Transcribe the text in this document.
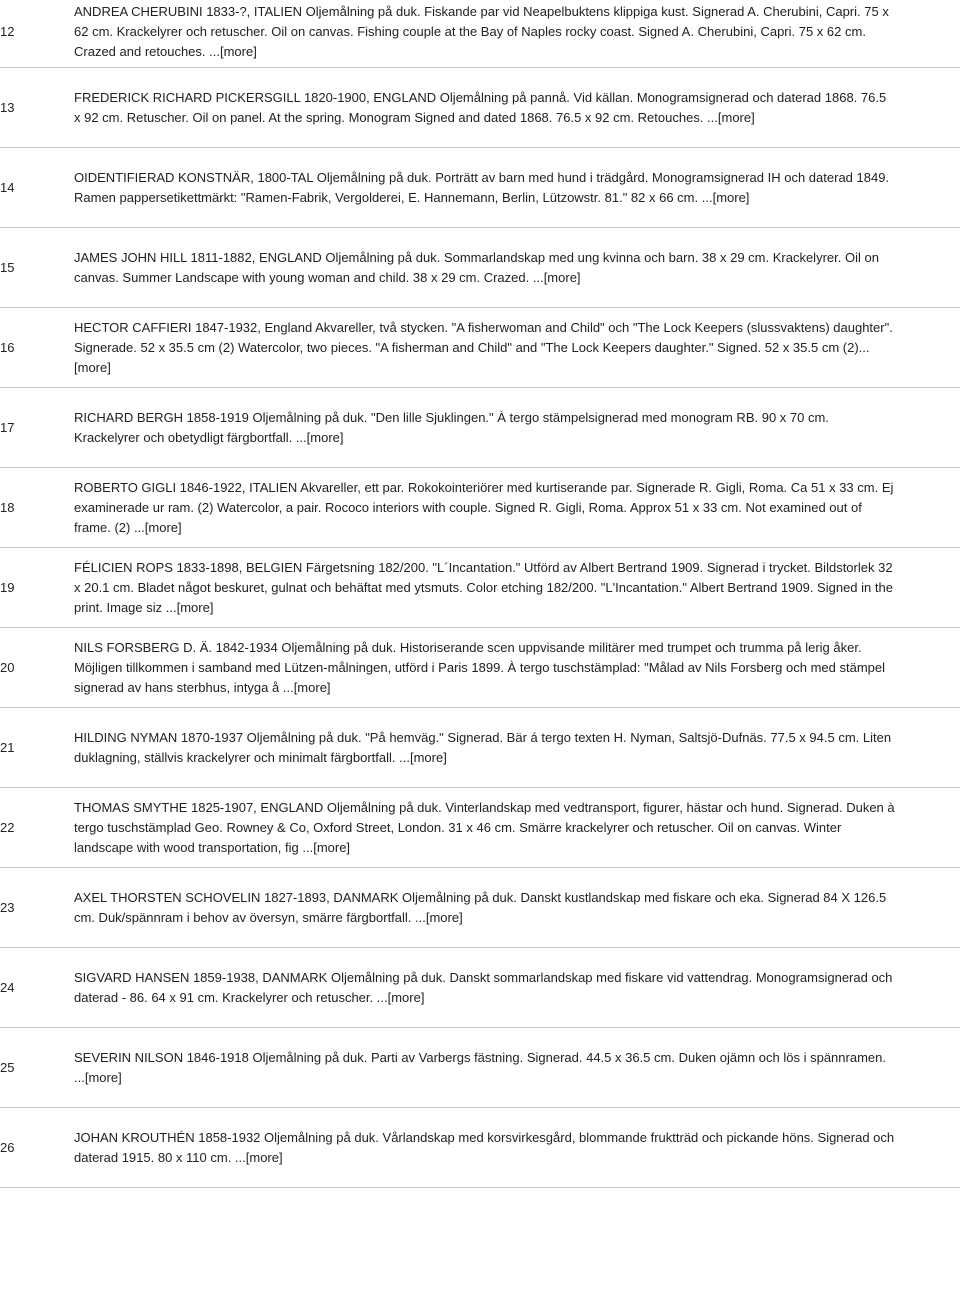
12

ANDREA CHERUBINI 1833-?, ITALIEN Oljemålning på duk. Fiskande par vid Neapelbuktens klippiga kust. Signerad A. Cherubini, Capri. 75 x 62 cm. Krackelyrer och retuscher. Oil on canvas. Fishing couple at the Bay of Naples rocky coast. Signed A. Cherubini, Capri. 75 x 62 cm. Crazed and retouches. ...[more]

13

FREDERICK RICHARD PICKERSGILL 1820-1900, ENGLAND Oljemålning på pannå. Vid källan. Monogramsignerad och daterad 1868. 76.5 x 92 cm. Retuscher. Oil on panel. At the spring. Monogram Signed and dated 1868. 76.5 x 92 cm. Retouches. ...[more]

14

OIDENTIFIERAD KONSTNÄR, 1800-TAL Oljemålning på duk. Porträtt av barn med hund i trädgård. Monogramsignerad IH och daterad 1849. Ramen pappersetikettmärkt: "Ramen-Fabrik, Vergolderei, E. Hannemann, Berlin, Lützowstr. 81." 82 x 66 cm. ...[more]

15

JAMES JOHN HILL 1811-1882, ENGLAND Oljemålning på duk. Sommarlandskap med ung kvinna och barn. 38 x 29 cm. Krackelyrer. Oil on canvas. Summer Landscape with young woman and child. 38 x 29 cm. Crazed. ...[more]

16

HECTOR CAFFIERI 1847-1932, England Akvareller, två stycken. "A fisherwoman and Child" och "The Lock Keepers (slussvaktens) daughter". Signerade. 52 x 35.5 cm (2) Watercolor, two pieces. "A fisherman and Child" and "The Lock Keepers daughter." Signed. 52 x 35.5 cm (2)...[more]

17

RICHARD BERGH 1858-1919 Oljemålning på duk. "Den lille Sjuklingen." À tergo stämpelsignerad med monogram RB. 90 x 70 cm. Krackelyrer och obetydligt färgbortfall. ...[more]

18

ROBERTO GIGLI 1846-1922, ITALIEN Akvareller, ett par. Rokokointeriörer med kurtiserande par. Signerade R. Gigli, Roma. Ca 51 x 33 cm. Ej examinerade ur ram. (2) Watercolor, a pair. Rococo interiors with couple. Signed R. Gigli, Roma. Approx 51 x 33 cm. Not examined out of frame. (2) ...[more]

19

FÉLICIEN ROPS 1833-1898, BELGIEN Färgetsning 182/200. "L´Incantation." Utförd av Albert Bertrand 1909. Signerad i trycket. Bildstorlek 32 x 20.1 cm. Bladet något beskuret, gulnat och behäftat med ytsmuts. Color etching 182/200. "L'Incantation." Albert Bertrand 1909. Signed in the print. Image siz ...[more]

20

NILS FORSBERG D. Ä. 1842-1934 Oljemålning på duk. Historiserande scen uppvisande militärer med trumpet och trumma på lerig åker. Möjligen tillkommen i samband med Lützen-målningen, utförd i Paris 1899. À tergo tuschstämplad: "Målad av Nils Forsberg och med stämpel signerad av hans sterbhus, intyga å ...[more]

21

HILDING NYMAN 1870-1937 Oljemålning på duk. "På hemväg." Signerad. Bär á tergo texten H. Nyman, Saltsjö-Dufnäs. 77.5 x 94.5 cm. Liten duklagning, ställvis krackelyrer och minimalt färgbortfall. ...[more]

22

THOMAS SMYTHE 1825-1907, ENGLAND Oljemålning på duk. Vinterlandskap med vedtransport, figurer, hästar och hund. Signerad. Duken à tergo tuschstämplad Geo. Rowney & Co, Oxford Street, London. 31 x 46 cm. Smärre krackelyrer och retuscher. Oil on canvas. Winter landscape with wood transportation, fig ...[more]

23

AXEL THORSTEN SCHOVELIN 1827-1893, DANMARK Oljemålning på duk. Danskt kustlandskap med fiskare och eka. Signerad 84 X 126.5 cm. Duk/spännram i behov av översyn, smärre färgbortfall. ...[more]

24

SIGVARD HANSEN 1859-1938, DANMARK Oljemålning på duk. Danskt sommarlandskap med fiskare vid vattendrag. Monogramsignerad och daterad - 86. 64 x 91 cm. Krackelyrer och retuscher. ...[more]

25

SEVERIN NILSON 1846-1918 Oljemålning på duk. Parti av Varbergs fästning. Signerad. 44.5 x 36.5 cm. Duken ojämn och lös i spännramen. ...[more]

26

JOHAN KROUTHÉN 1858-1932 Oljemålning på duk. Vårlandskap med korsvirkesgård, blommande fruktträd och pickande höns. Signerad och daterad 1915. 80 x 110 cm. ...[more]
